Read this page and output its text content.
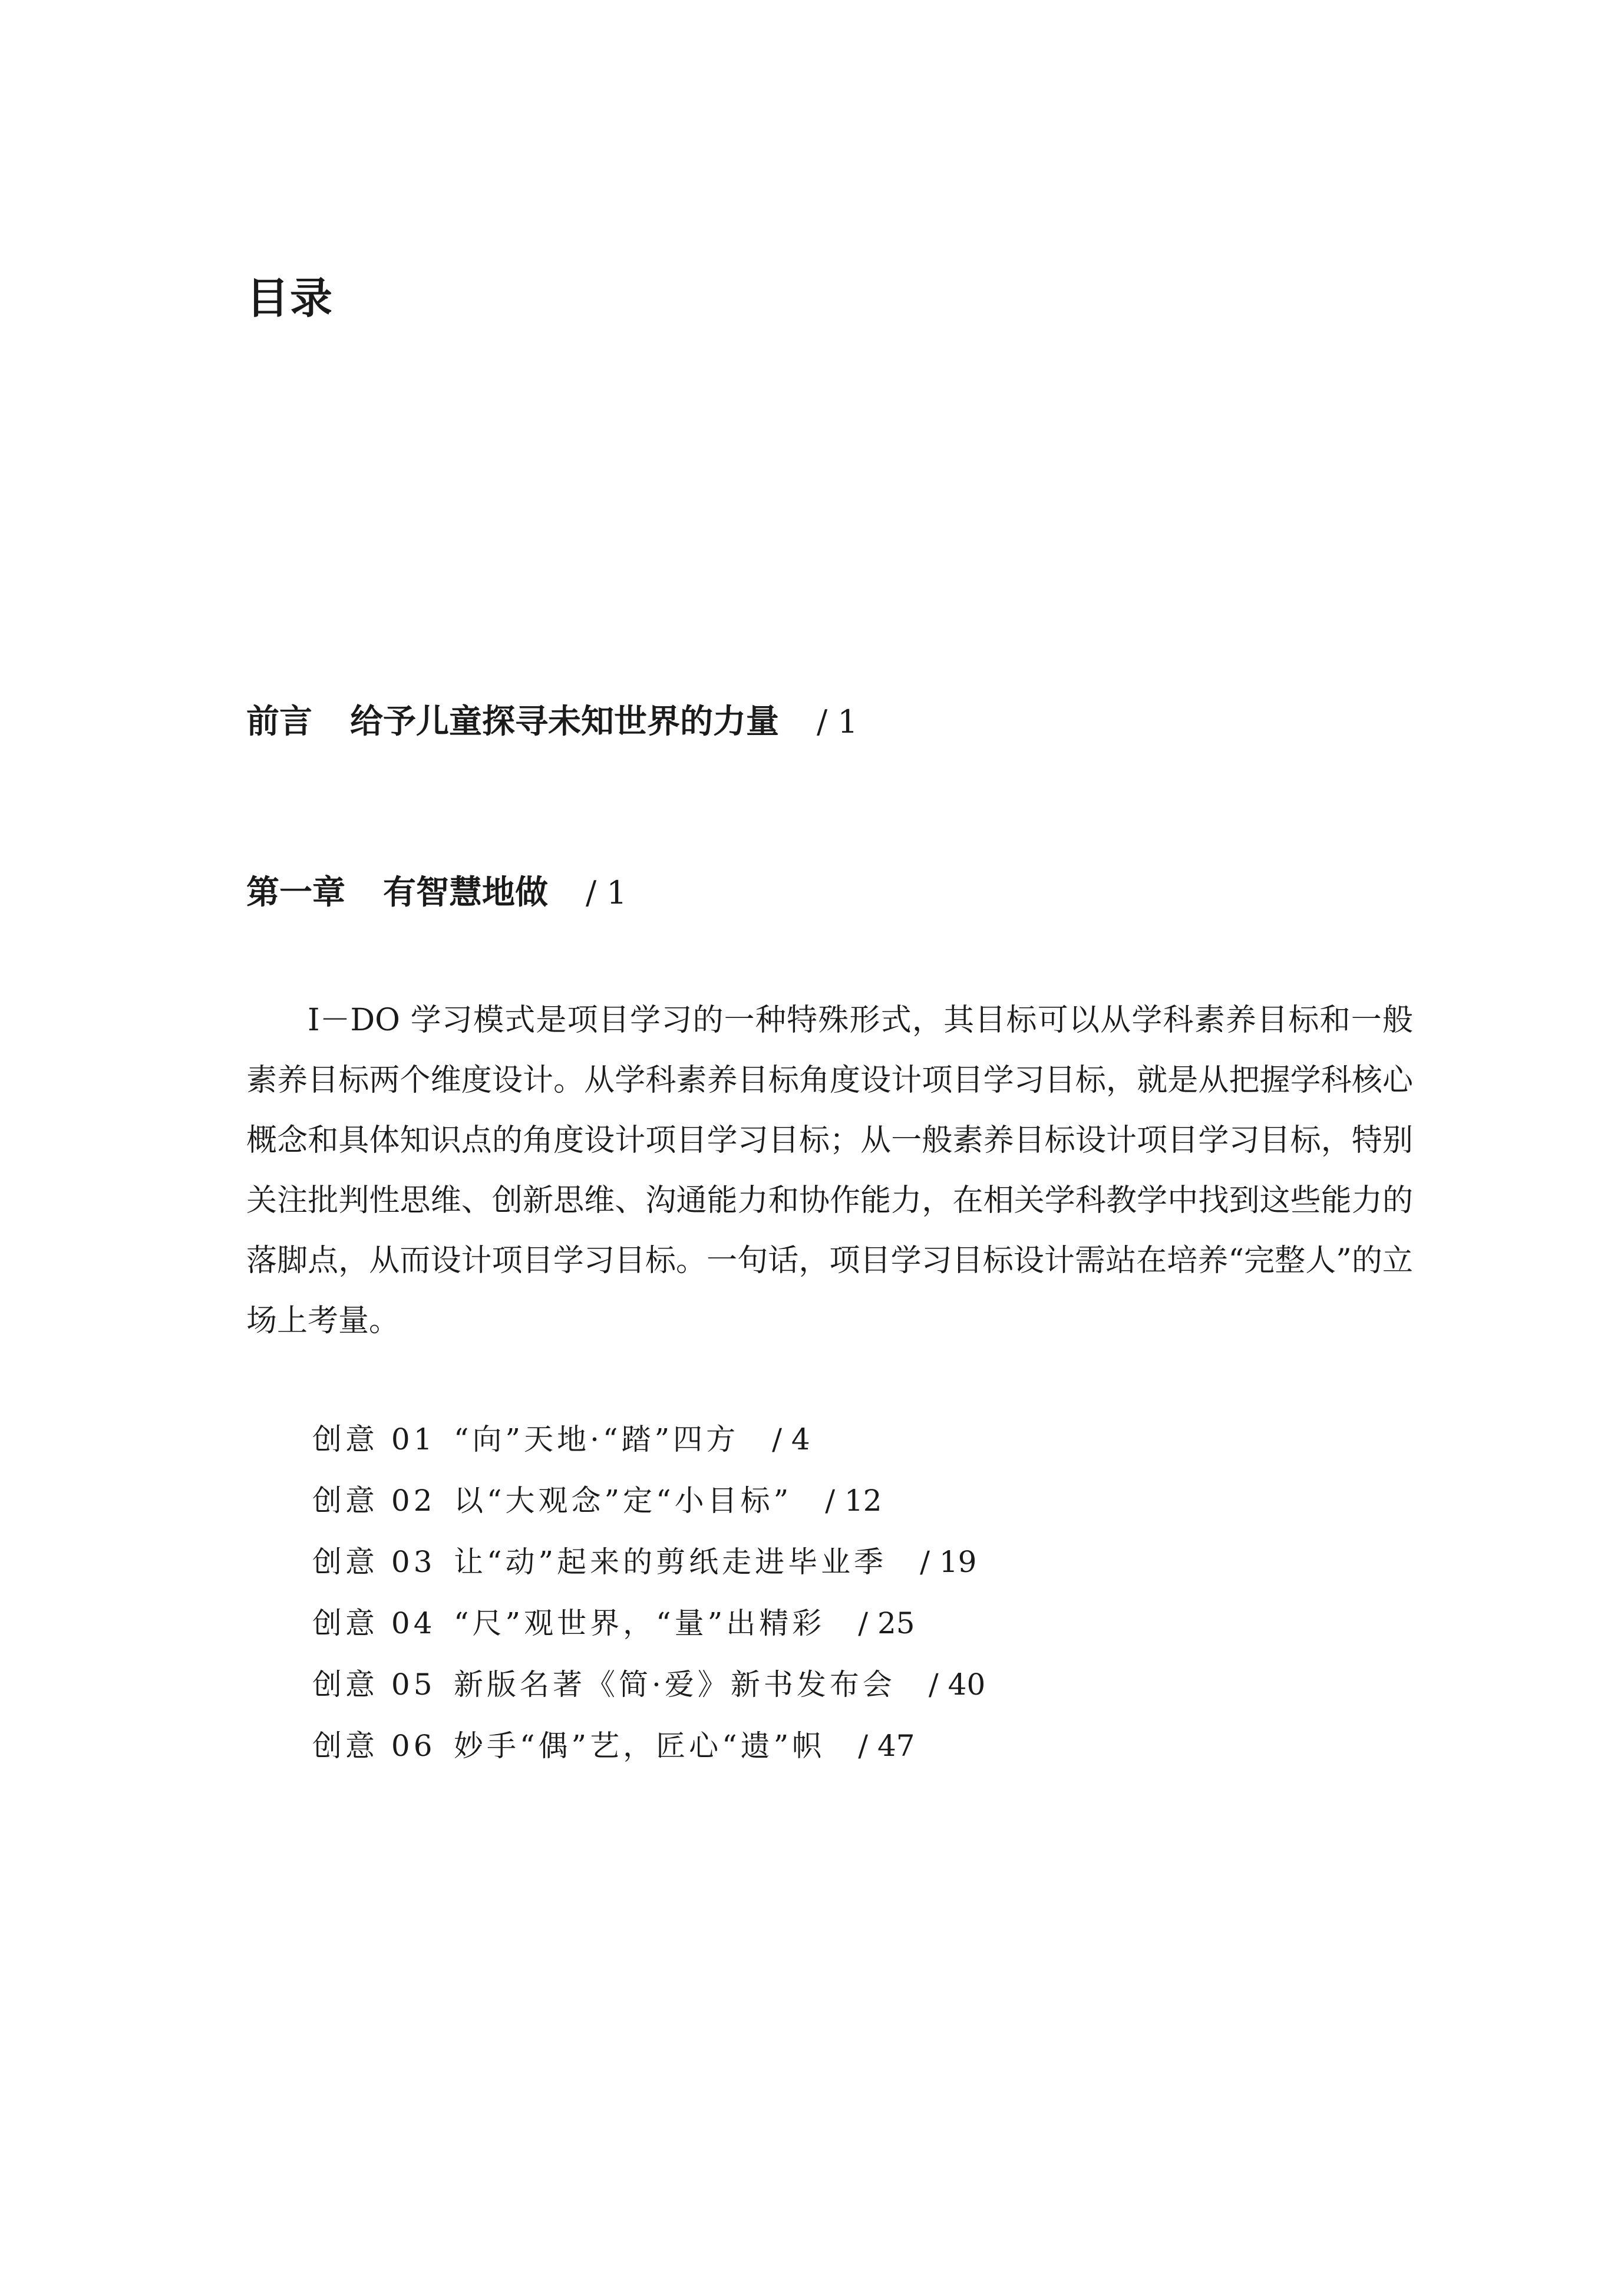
目录
前言 给予儿童探寻未知世界的力量 / 1
第一章 有智慧地做 / 1

I－DO 学习模式是项目学习的一种特殊形式，其目标可以从学科素养目标和一般素养目标两个维度设计。从学科素养目标角度设计项目学习目标，就是从把握学科核心概念和具体知识点的角度设计项目学习目标；从一般素养目标设计项目学习目标，特别关注批判性思维、创新思维、沟通能力和协作能力，在相关学科教学中找到这些能力的落脚点，从而设计项目学习目标。一句话，项目学习目标设计需站在培养“完整人”的立场上考量。

创意 01 “向”天地·“踏”四方 / 4
创意 02 以“大观念”定“小目标” / 12
创意 03 让“动”起来的剪纸走进毕业季 / 19
创意 04 “尺”观世界，“量”出精彩 / 25
创意 05 新版名著《简·爱》新书发布会 / 40
创意 06 妙手“偶”艺，匠心“遗”帜 / 47
